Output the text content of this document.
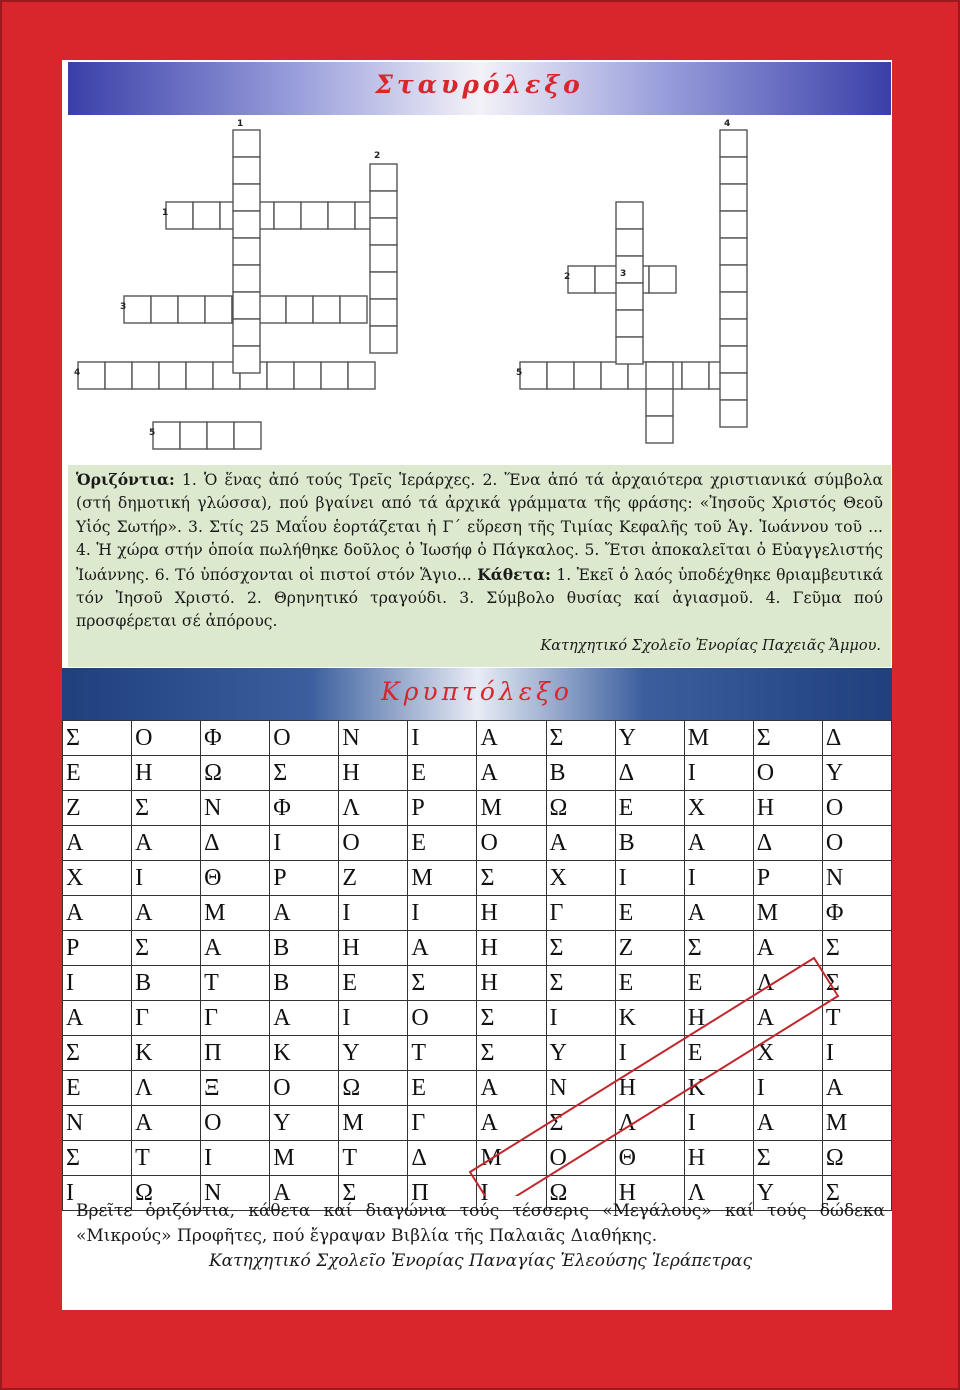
Σταυρόλεξο
1	4
2
1
3
2
3
4	5
5
Ὁριζόντια: 1. Ὁ ἕνας ἀπό τούς Τρεῖς Ἱεράρχες. 2. Ἕνα ἀπό τά ἀρχαιότερα χριστιανικά σύμβολα (στή δημοτική γλώσσα), πού βγαίνει από τά ἀρχικά γράμματα τῆς φράσης: «Ἰησοῦς Χριστός Θεοῦ Υἱός Σωτήρ». 3. Στίς 25 Μαΐου ἑορτάζεται ἡ Γ΄ εὕρεση τῆς Τιμίας Κεφαλῆς τοῦ Ἁγ. Ἰωάννου τοῦ ... 4. Ἡ χώρα στήν ὁποία πωλήθηκε δοῦλος ὁ Ἰωσήφ ὁ Πάγκαλος. 5. Ἔτσι ἀποκαλεῖται ὁ Εὐαγγελιστής Ἰωάννης. 6. Τό ὑπόσχονται οἱ πιστοί στόν Ἅγιο... Κάθετα: 1. Ἐκεῖ ὁ λαός ὑποδέχθηκε θριαμβευτικά τόν Ἰησοῦ Χριστό. 2. Θρηνητικό τραγούδι. 3. Σύμβολο θυσίας καί ἁγιασμοῦ. 4. Γεῦμα πού προσφέρεται σέ ἀπόρους.
Κατηχητικό Σχολεῖο Ἐνορίας Παχειᾶς Ἄμμου.
Κρυπτόλεξο
Σ	Ο	Φ	Ο	Ν	Ι	Α	Σ	Υ	Μ	Σ	Δ
Ε	Η	Ω	Σ	Η	Ε	Α	Β	Δ	Ι	Ο	Υ
Ζ	Σ	Ν	Φ	Λ	Ρ	Μ	Ω	Ε	Χ	Η	Ο
Α	Α	Δ	Ι	Ο	Ε	Ο	Α	Β	Α	Δ	Ο
Χ	Ι	Θ	Ρ	Ζ	Μ	Σ	Χ	Ι	Ι	Ρ	Ν
Α	Α	Μ	Α	Ι	Ι	Η	Γ	Ε	Α	Μ	Φ
Ρ	Σ	Α	Β	Η	Α	Η	Σ	Ζ	Σ	Α	Σ
Ι	Β	Τ	Β	Ε	Σ	Η	Σ	Ε	Ε	Λ	Σ
Α	Γ	Γ	Α	Ι	Ο	Σ	Ι	Κ	Η	Α	Τ
Σ	Κ	Π	Κ	Υ	Τ	Σ	Υ	Ι	Ε	Χ	Ι
Ε	Λ	Ξ	Ο	Ω	Ε	Α	Ν	Η	Κ	Ι	Α
Ν	Α	Ο	Υ	Μ	Γ	Α	Σ	Λ	Ι	Α	Μ
Σ	Τ	Ι	Μ	Τ	Δ	Μ	Ο	Θ	Η	Σ	Ω
Ι	Ω	Ν	Α	Σ	Π	Ι	Ω	Η	Λ	Υ	Σ
Βρεῖτε ὁριζόντια, κάθετα καί διαγώνια τούς τέσσερις «Μεγάλους» καί τούς δώδεκα «Μικρούς» Προφῆτες, πού ἔγραψαν Βιβλία τῆς Παλαιᾶς Διαθήκης.
Κατηχητικό Σχολεῖο Ἐνορίας Παναγίας Ἐλεούσης Ἱεράπετρας
